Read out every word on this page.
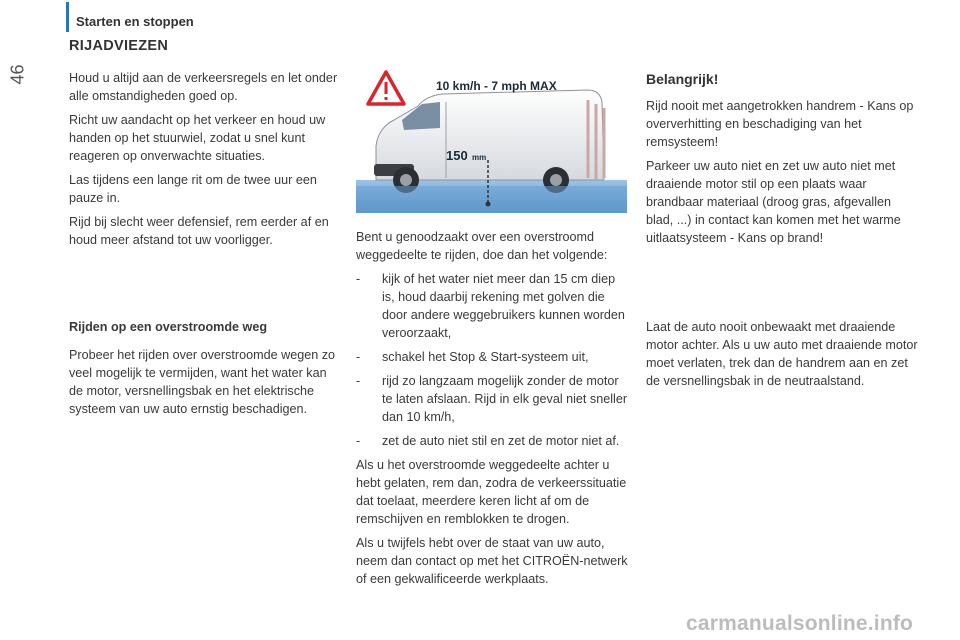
Starten en stoppen
46
RIJADVIEZEN

Houd u altijd aan de verkeersregels en let onder alle omstandigheden goed op.

Richt uw aandacht op het verkeer en houd uw handen op het stuurwiel, zodat u snel kunt reageren op onverwachte situaties.

Las tijdens een lange rit om de twee uur een pauze in.

Rijd bij slecht weer defensief, rem eerder af en houd meer afstand tot uw voorligger.

Rijden op een overstroomde weg

Probeer het rijden over overstroomde wegen zo veel mogelijk te vermijden, want het water kan de motor, versnellingsbak en het elektrische systeem van uw auto ernstig beschadigen.

10 km/h - 7 mph MAX
150 mm

Bent u genoodzaakt over een overstroomd weggedeelte te rijden, doe dan het volgende:

-	kijk of het water niet meer dan 15 cm diep is, houd daarbij rekening met golven die door andere weggebruikers kunnen worden veroorzaakt,
-	schakel het Stop & Start-systeem uit,
-	rijd zo langzaam mogelijk zonder de motor te laten afslaan. Rijd in elk geval niet sneller dan 10 km/h,
-	zet de auto niet stil en zet de motor niet af.

Als u het overstroomde weggedeelte achter u hebt gelaten, rem dan, zodra de verkeerssituatie dat toelaat, meerdere keren licht af om de remschijven en remblokken te drogen.

Als u twijfels hebt over de staat van uw auto, neem dan contact op met het CITROËN-netwerk of een gekwalificeerde werkplaats.

Belangrijk!

Rijd nooit met aangetrokken handrem - Kans op oververhitting en beschadiging van het remsysteem!

Parkeer uw auto niet en zet uw auto niet met draaiende motor stil op een plaats waar brandbaar materiaal (droog gras, afgevallen blad, ...) in contact kan komen met het warme uitlaatsysteem - Kans op brand!

Laat de auto nooit onbewaakt met draaiende motor achter. Als u uw auto met draaiende motor moet verlaten, trek dan de handrem aan en zet de versnellingsbak in de neutraalstand.

carmanualsonline.info
